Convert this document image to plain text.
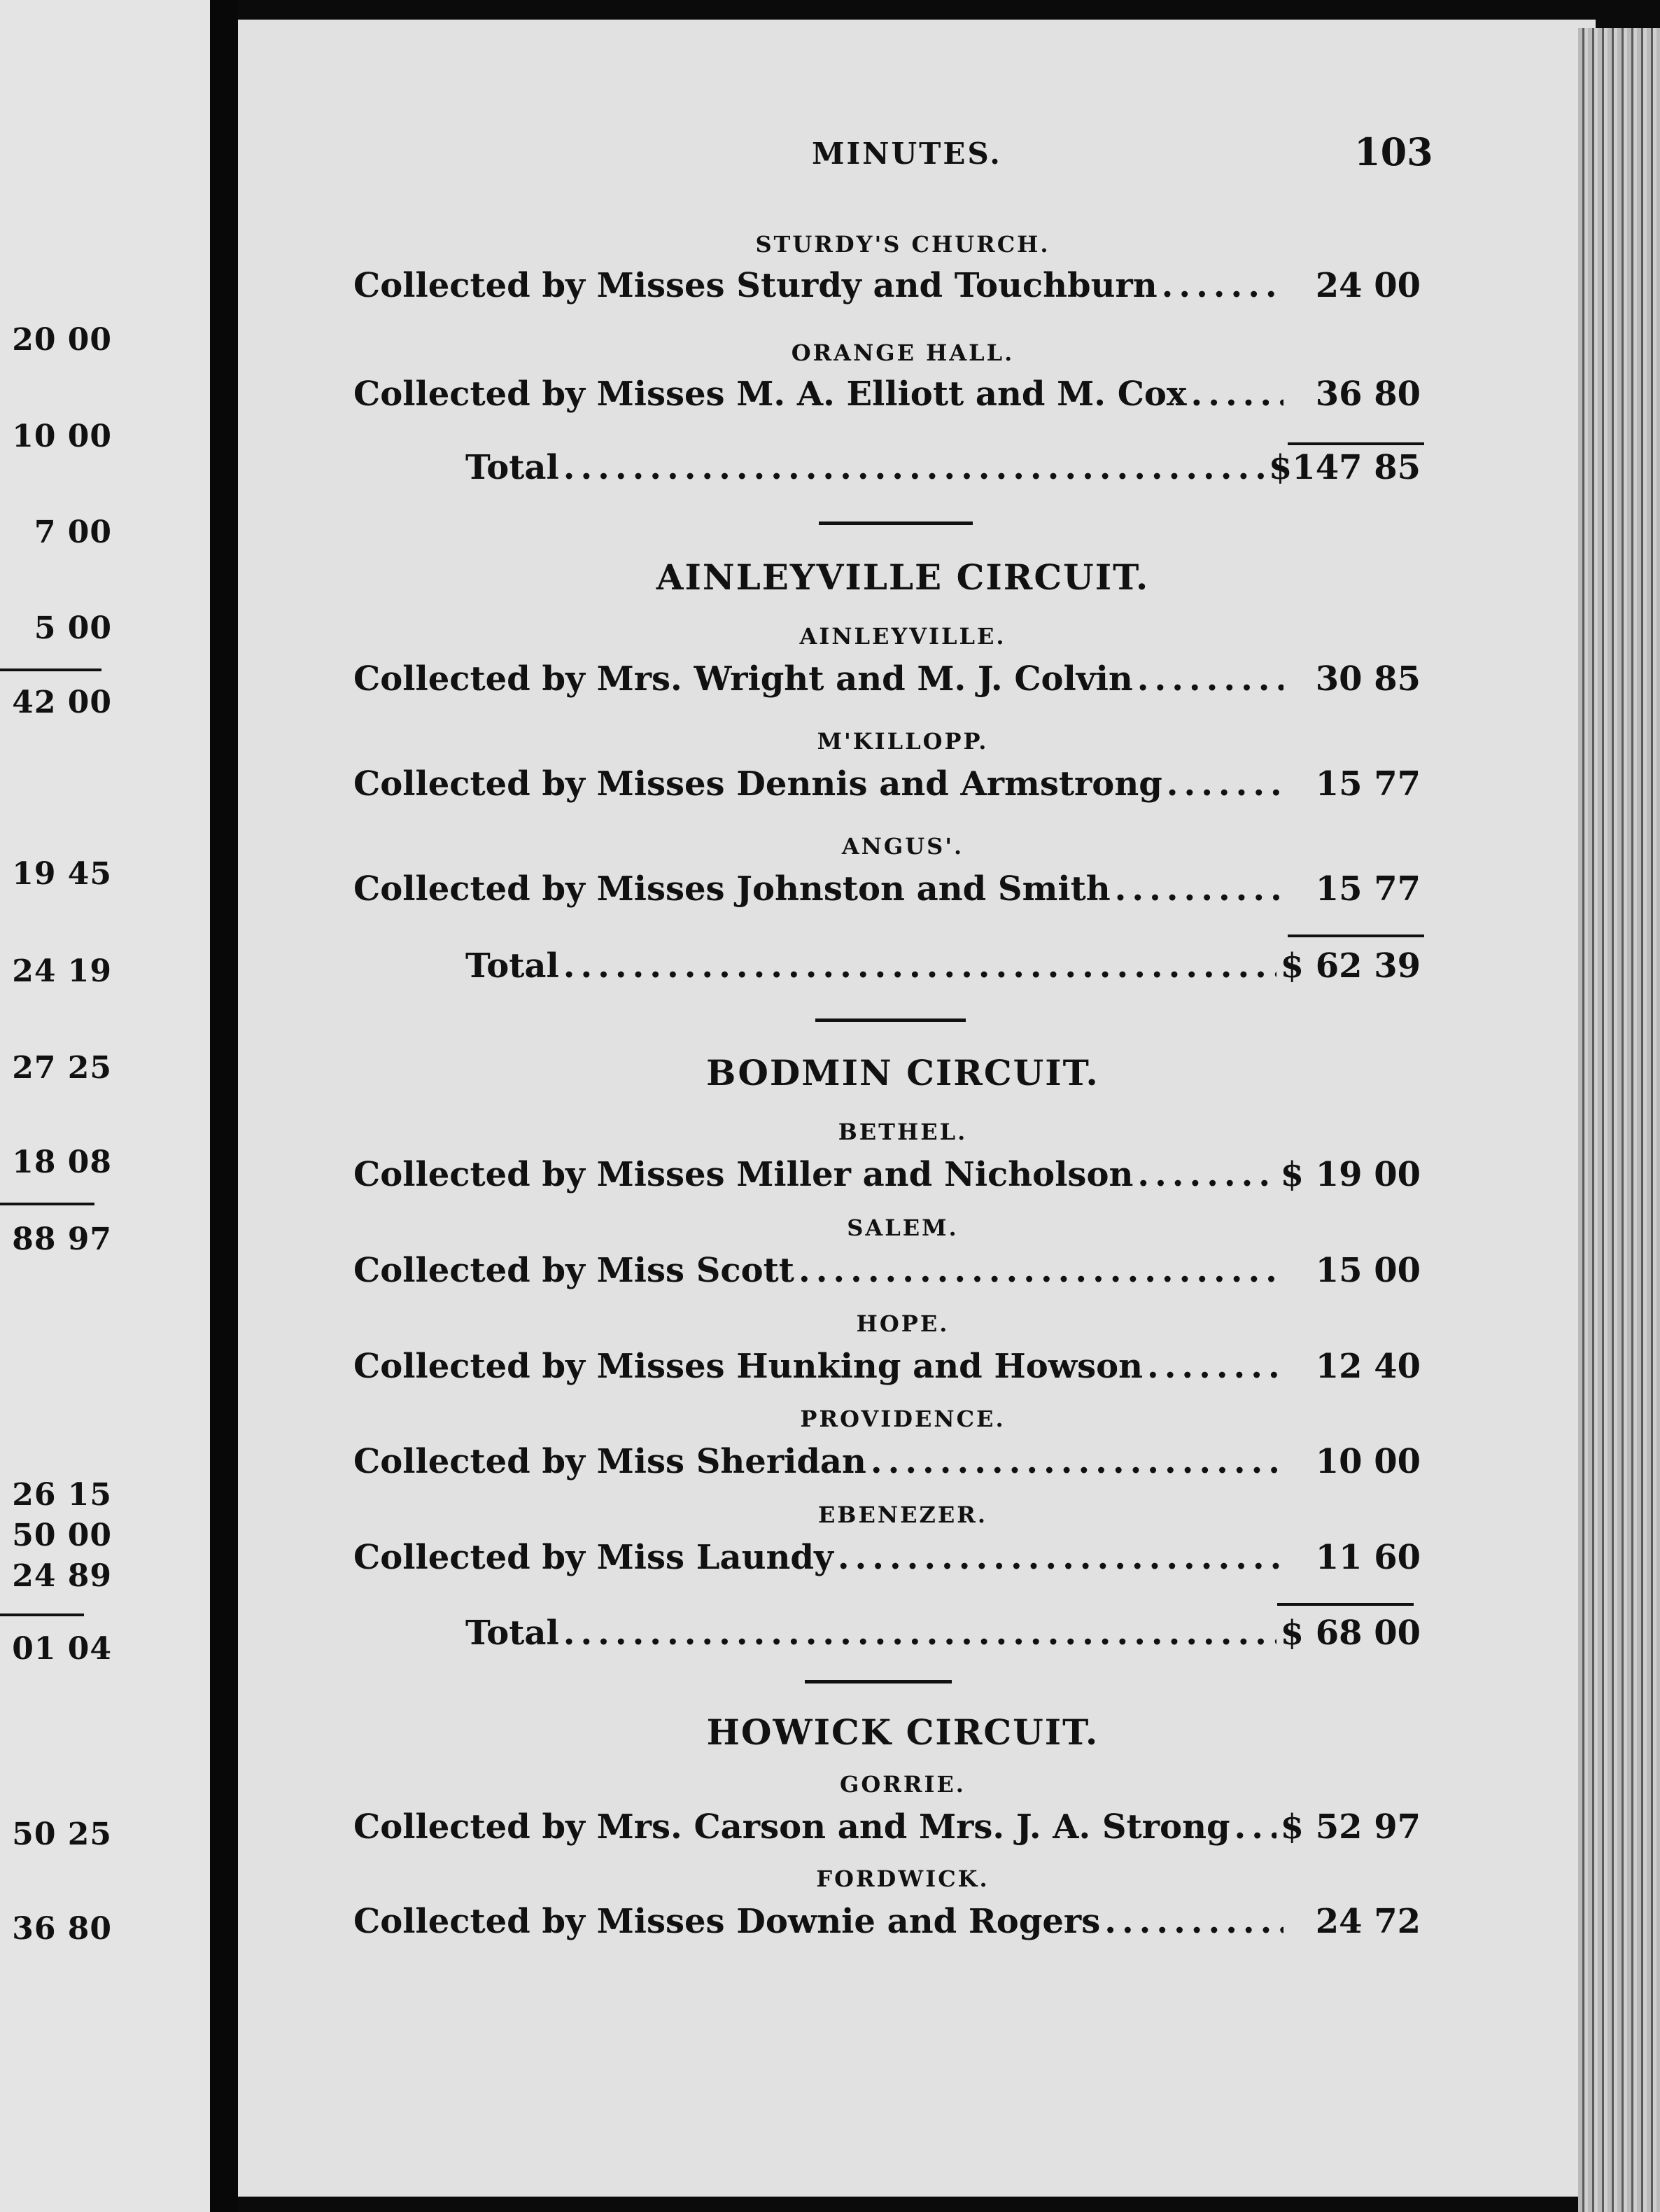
20 00
10 00
7 00
5 00
42 00
19 45
24 19
27 25
18 08
88 97
26 15
50 00
24 89
01 04
50 25
36 80
MINUTES.	103
STURDY'S CHURCH.
Collected by Misses Sturdy and Touchburn .....	24 00
ORANGE HALL.
Collected by Misses M. A. Elliott and M. Cox .....	36 80
Total .....	$147 85
AINLEYVILLE CIRCUIT.
AINLEYVILLE.
Collected by Mrs. Wright and M. J. Colvin .....	30 85
M'KILLOPP.
Collected by Misses Dennis and Armstrong .....	15 77
ANGUS'.
Collected by Misses Johnston and Smith .....	15 77
Total .....	$ 62 39
BODMIN CIRCUIT.
BETHEL.
Collected by Misses Miller and Nicholson .....	$ 19 00
SALEM.
Collected by Miss Scott .....	15 00
HOPE.
Collected by Misses Hunking and Howson .....	12 40
PROVIDENCE.
Collected by Miss Sheridan .....	10 00
EBENEZER.
Collected by Miss Laundy .....	11 60
Total .....	$ 68 00
HOWICK CIRCUIT.
GORRIE.
Collected by Mrs. Carson and Mrs. J. A. Strong ..... $ 52 97
FORDWICK.
Collected by Misses Downie and Rogers .....	24 72
